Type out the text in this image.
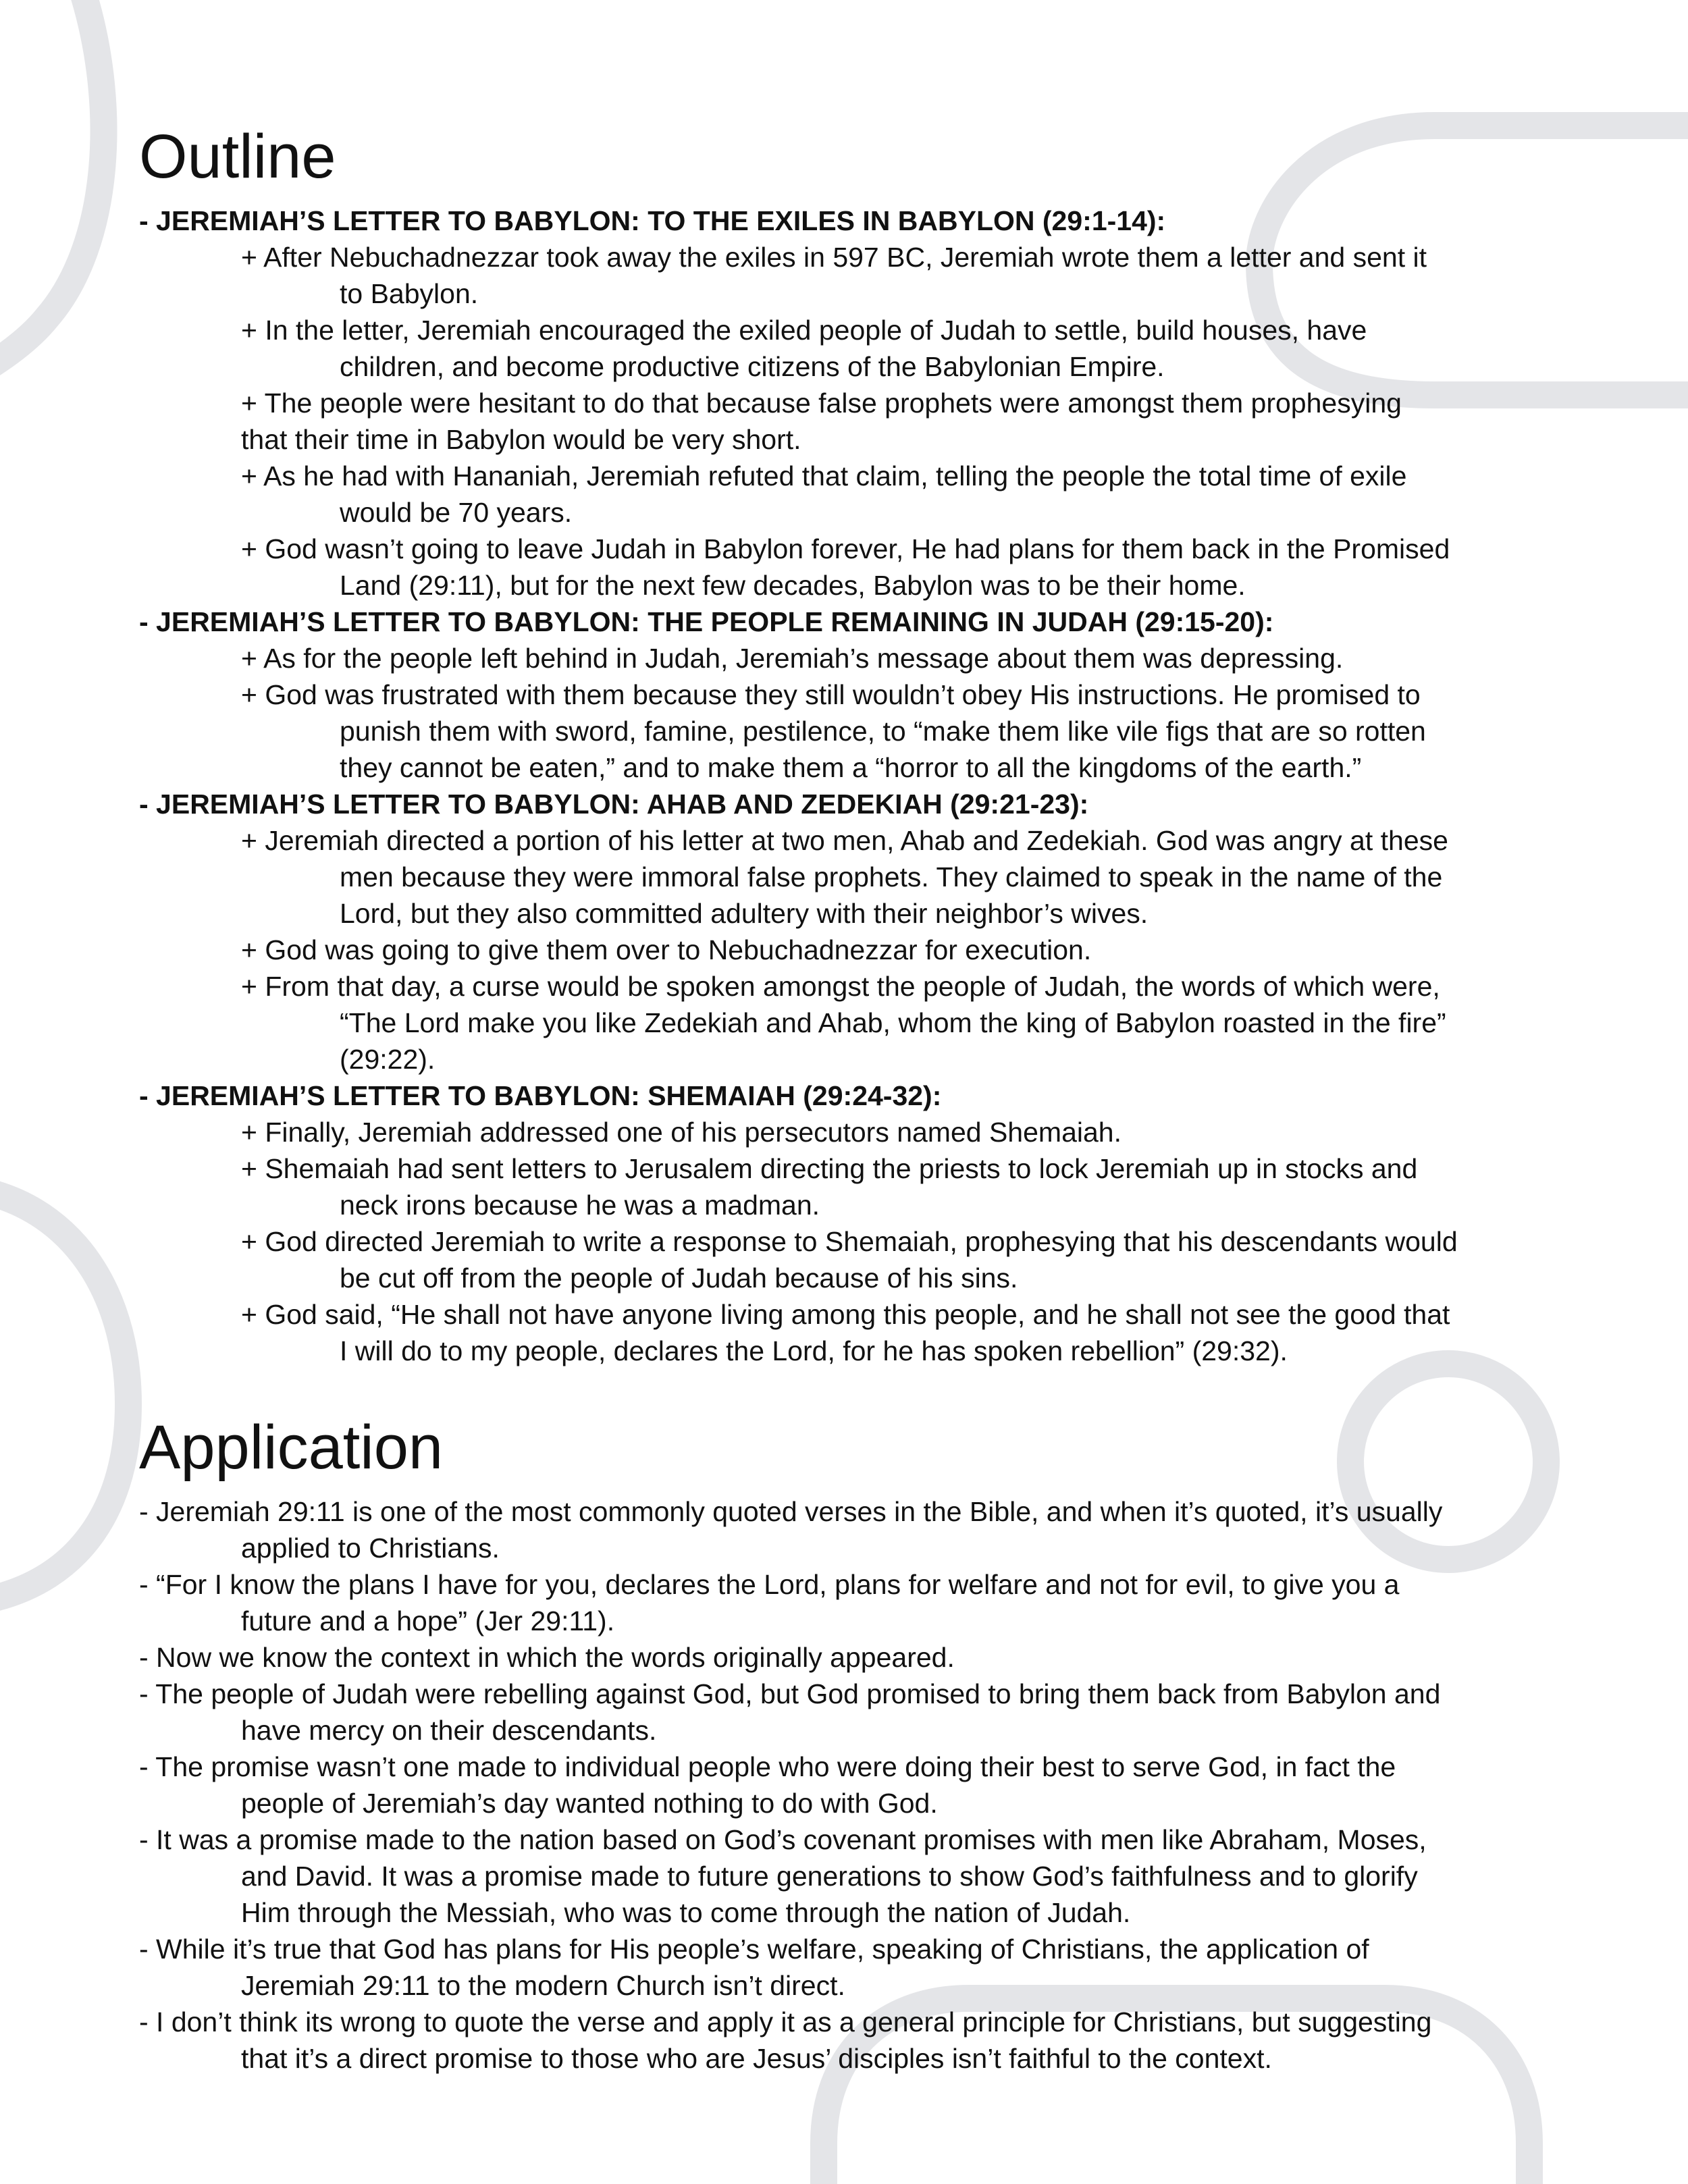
Outline
- JEREMIAH’S LETTER TO BABYLON: TO THE EXILES IN BABYLON (29:1-14):
+ After Nebuchadnezzar took away the exiles in 597 BC, Jeremiah wrote them a letter and sent it
to Babylon.
+ In the letter, Jeremiah encouraged the exiled people of Judah to settle, build houses, have
children, and become productive citizens of the Babylonian Empire.
+ The people were hesitant to do that because false prophets were amongst them prophesying
that their time in Babylon would be very short.
+ As he had with Hananiah, Jeremiah refuted that claim, telling the people the total time of exile
would be 70 years.
+ God wasn’t going to leave Judah in Babylon forever, He had plans for them back in the Promised
Land (29:11), but for the next few decades, Babylon was to be their home.
- JEREMIAH’S LETTER TO BABYLON: THE PEOPLE REMAINING IN JUDAH (29:15-20):
+ As for the people left behind in Judah, Jeremiah’s message about them was depressing.
+ God was frustrated with them because they still wouldn’t obey His instructions. He promised to
punish them with sword, famine, pestilence, to “make them like vile figs that are so rotten
they cannot be eaten,” and to make them a “horror to all the kingdoms of the earth.”
- JEREMIAH’S LETTER TO BABYLON: AHAB AND ZEDEKIAH (29:21-23):
+ Jeremiah directed a portion of his letter at two men, Ahab and Zedekiah. God was angry at these
men because they were immoral false prophets. They claimed to speak in the name of the
Lord, but they also committed adultery with their neighbor’s wives.
+ God was going to give them over to Nebuchadnezzar for execution.
+ From that day, a curse would be spoken amongst the people of Judah, the words of which were,
“The Lord make you like Zedekiah and Ahab, whom the king of Babylon roasted in the fire”
(29:22).
- JEREMIAH’S LETTER TO BABYLON: SHEMAIAH (29:24-32):
+ Finally, Jeremiah addressed one of his persecutors named Shemaiah.
+ Shemaiah had sent letters to Jerusalem directing the priests to lock Jeremiah up in stocks and
neck irons because he was a madman.
+ God directed Jeremiah to write a response to Shemaiah, prophesying that his descendants would
be cut off from the people of Judah because of his sins.
+ God said, “He shall not have anyone living among this people, and he shall not see the good that
I will do to my people, declares the Lord, for he has spoken rebellion” (29:32).
Application
- Jeremiah 29:11 is one of the most commonly quoted verses in the Bible, and when it’s quoted, it’s usually
applied to Christians.
- “For I know the plans I have for you, declares the Lord, plans for welfare and not for evil, to give you a
future and a hope” (Jer 29:11).
- Now we know the context in which the words originally appeared.
- The people of Judah were rebelling against God, but God promised to bring them back from Babylon and
have mercy on their descendants.
- The promise wasn’t one made to individual people who were doing their best to serve God, in fact the
people of Jeremiah’s day wanted nothing to do with God.
- It was a promise made to the nation based on God’s covenant promises with men like Abraham, Moses,
and David. It was a promise made to future generations to show God’s faithfulness and to glorify
Him through the Messiah, who was to come through the nation of Judah.
- While it’s true that God has plans for His people’s welfare, speaking of Christians, the application of
Jeremiah 29:11 to the modern Church isn’t direct.
- I don’t think its wrong to quote the verse and apply it as a general principle for Christians, but suggesting
that it’s a direct promise to those who are Jesus’ disciples isn’t faithful to the context.
